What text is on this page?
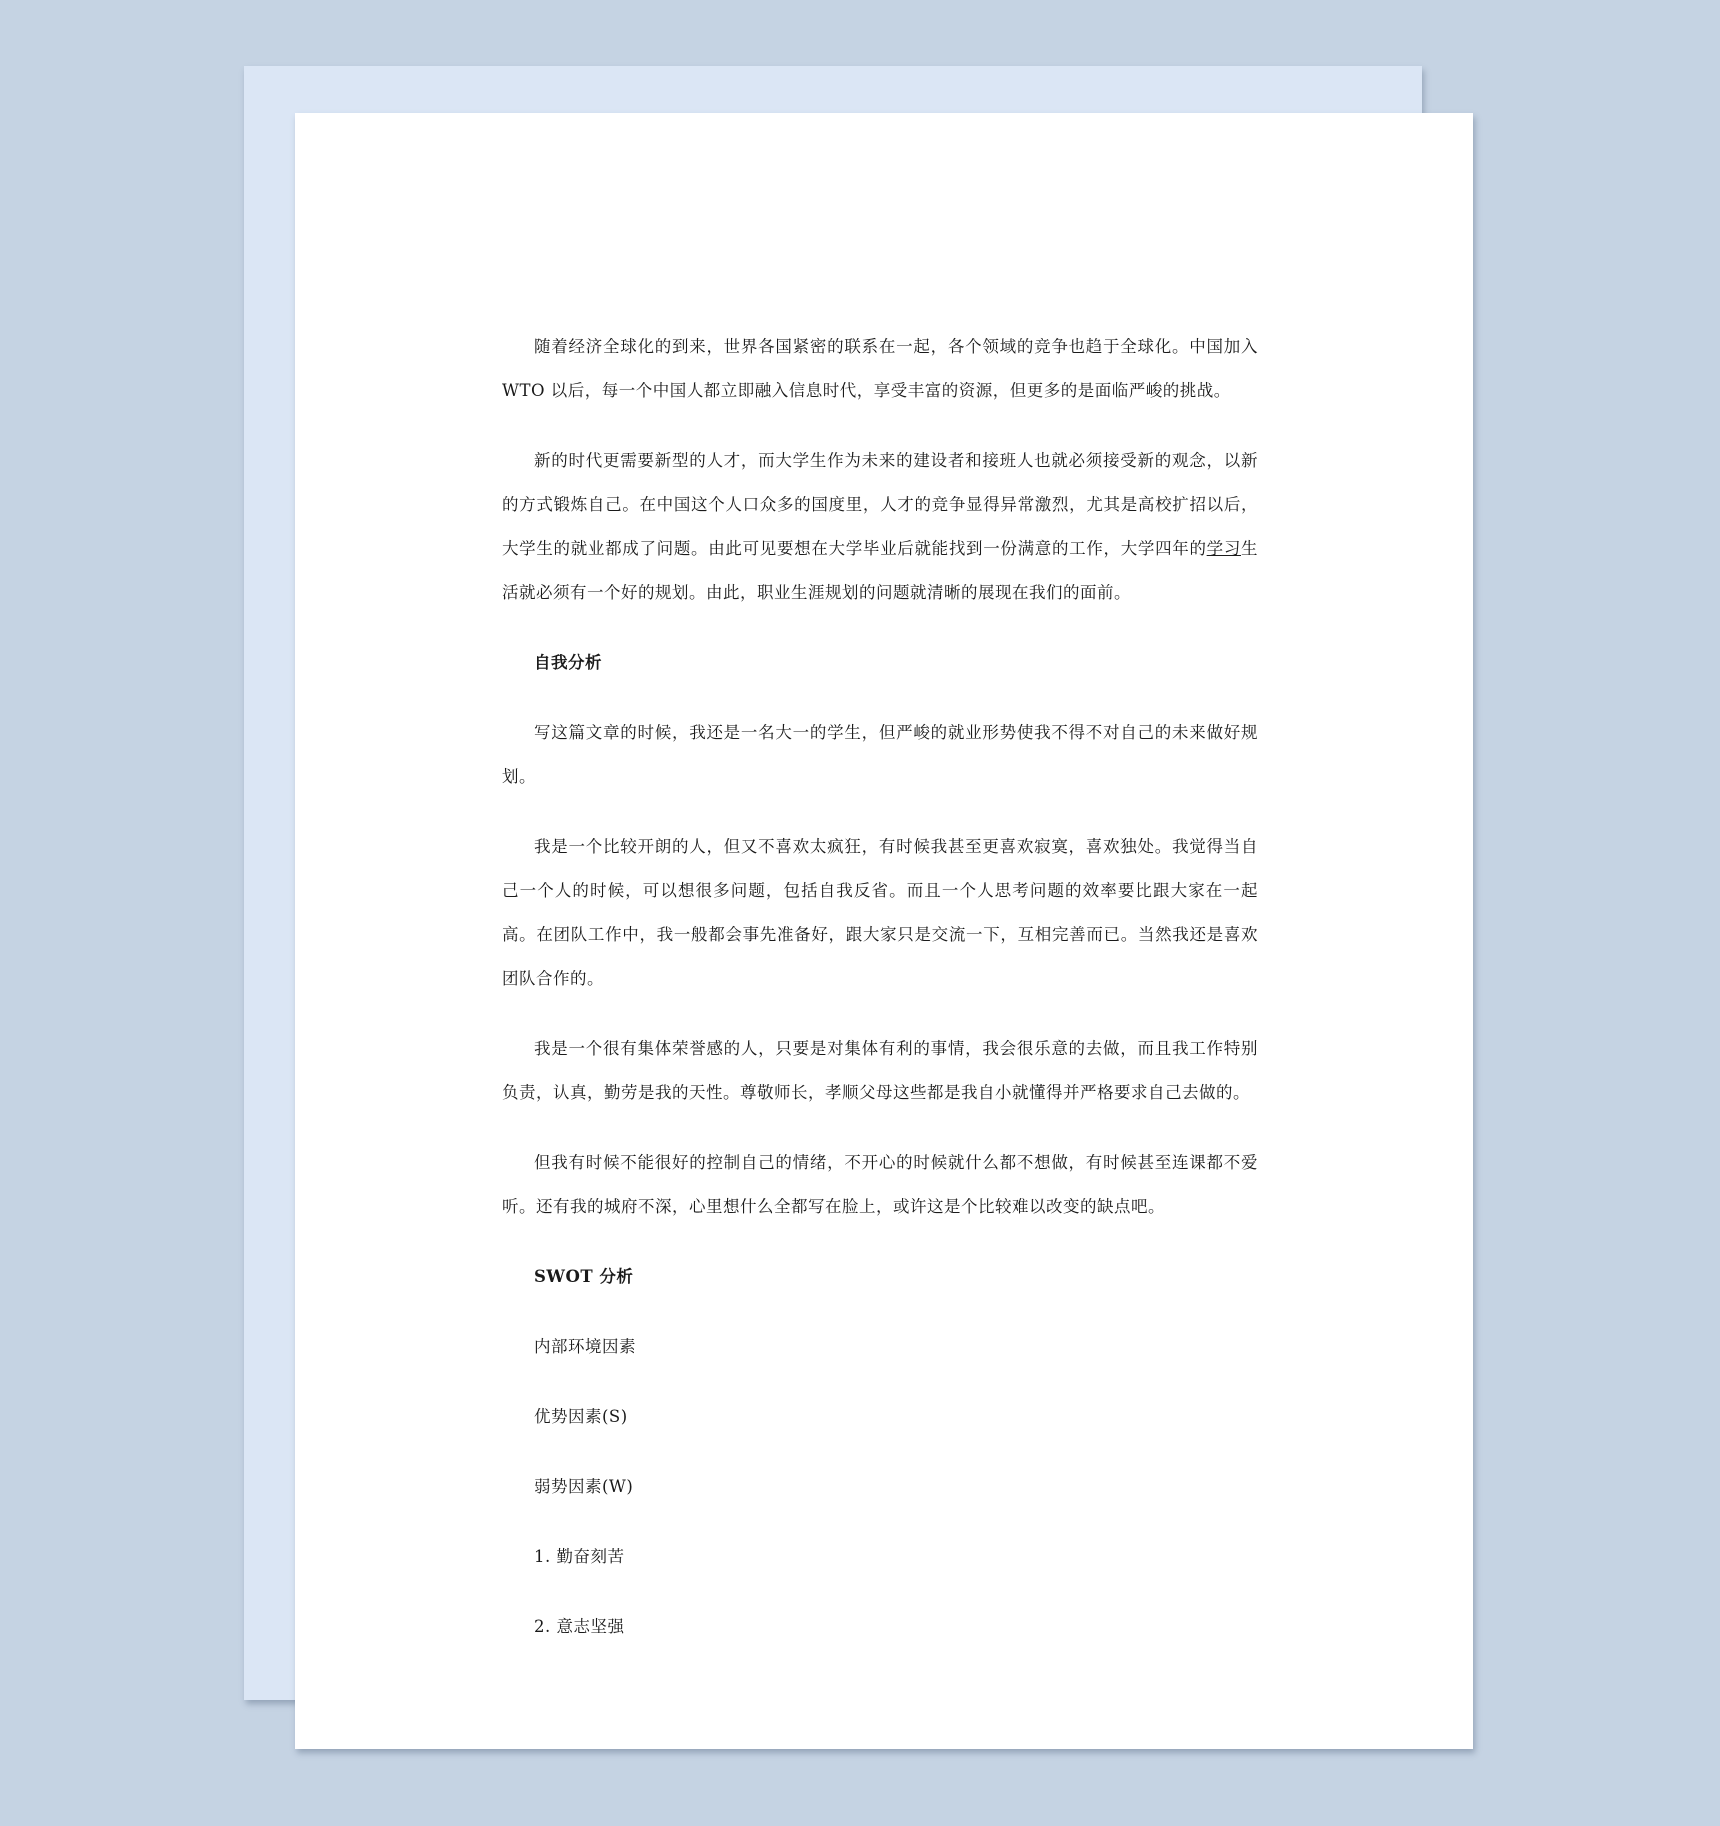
随着经济全球化的到来，世界各国紧密的联系在一起，各个领域的竞争也趋于全球化。中国加入 WTO 以后，每一个中国人都立即融入信息时代，享受丰富的资源，但更多的是面临严峻的挑战。

新的时代更需要新型的人才，而大学生作为未来的建设者和接班人也就必须接受新的观念，以新的方式锻炼自己。在中国这个人口众多的国度里，人才的竞争显得异常激烈，尤其是高校扩招以后，大学生的就业都成了问题。由此可见要想在大学毕业后就能找到一份满意的工作，大学四年的学习生活就必须有一个好的规划。由此，职业生涯规划的问题就清晰的展现在我们的面前。

自我分析

写这篇文章的时候，我还是一名大一的学生，但严峻的就业形势使我不得不对自己的未来做好规划。

我是一个比较开朗的人，但又不喜欢太疯狂，有时候我甚至更喜欢寂寞，喜欢独处。我觉得当自己一个人的时候，可以想很多问题，包括自我反省。而且一个人思考问题的效率要比跟大家在一起高。在团队工作中，我一般都会事先准备好，跟大家只是交流一下，互相完善而已。当然我还是喜欢团队合作的。

我是一个很有集体荣誉感的人，只要是对集体有利的事情，我会很乐意的去做，而且我工作特别负责，认真，勤劳是我的天性。尊敬师长，孝顺父母这些都是我自小就懂得并严格要求自己去做的。

但我有时候不能很好的控制自己的情绪，不开心的时候就什么都不想做，有时候甚至连课都不爱听。还有我的城府不深，心里想什么全都写在脸上，或许这是个比较难以改变的缺点吧。

SWOT 分析

内部环境因素

优势因素(S)

弱势因素(W)

1. 勤奋刻苦

2. 意志坚强
